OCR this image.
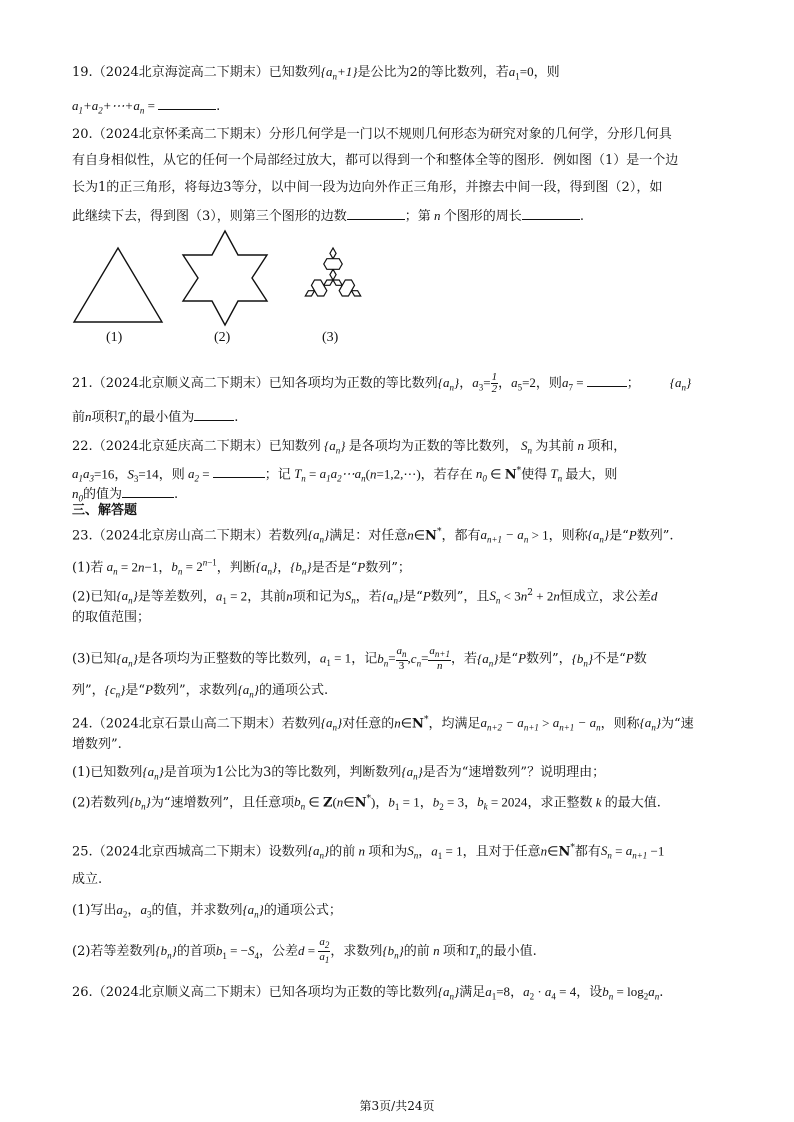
19.（2024北京海淀高二下期末）已知数列$\{a_n+1\}$是公比为2的等比数列，若$a_1=0$，则
$a_1+a_2+\cdots+a_n$ =	.
20.（2024北京怀柔高二下期末）分形几何学是一门以不规则几何形态为研究对象的几何学，分形几何具
有自身相似性，从它的任何一个局部经过放大，都可以得到一个和整体全等的图形．例如图（1）是一个边
长为1的正三角形，将每边3等分，以中间一段为边向外作正三角形，并擦去中间一段，得到图（2），如
此继续下去，得到图（3），则第三个图形的边数	；第 n 个图形的周长	.
(1)	(2)	(3)
21.（2024北京顺义高二下期末）已知各项均为正数的等比数列$\{a_n\}$，$a_3= \frac{1}{2}$ ，$a_5=2$，则$a_7$ =	； $\{a_n\}$
前n项积$T_n$的最小值为	.
22.（2024北京延庆高二下期末）已知数列 $\{a_n\}$ 是各项均为正数的等比数列， $S_n$ 为其前 n 项和，
$a_1a_3=16$，$S_3=14$，则 $a_2$ =	；记 $T_n$ = $a_1a_2\cdots a_n(n=1,2,\cdots)$，若存在 $n_0$ ∈ N*使得 $T_n$ 最大，则
$n_0$的值为	.
三、解答题
23.（2024北京房山高二下期末）若数列$\{a_n\}$满足：对任意n∈N*，都有$a_{n+1} - a_n > 1$，则称$\{a_n\}$是“P数列”.
(1)若 $a_n = 2n-1$，$b_n = 2^{n-1}$，判断$\{a_n\}$，$\{b_n\}$是否是“P数列”；
(2)已知$\{a_n\}$是等差数列，$a_1 = 2$，其前n项和记为$S_n$，若$\{a_n\}$是“P数列”，且$S_n < 3n^2 + 2n$恒成立，求公差d
的取值范围；
(3)已知$\{a_n\}$是各项均为正整数的等比数列，$a_1 = 1$，记$b_n= \frac{a_n}{3} ,c_n= \frac{a_{n+1}}{n}$ ，若$\{a_n\}$是“P数列”，$\{b_n\}$不是“P数
列”，$\{c_n\}$是“P数列”，求数列$\{a_n\}$的通项公式.
24.（2024北京石景山高二下期末）若数列$\{a_n\}$对任意的n∈N*，均满足$a_{n+2} - a_{n+1} > a_{n+1} - a_n$，则称$\{a_n\}$为“速
增数列”.
(1)已知数列$\{a_n\}$是首项为1公比为3的等比数列，判断数列$\{a_n\}$是否为“速增数列”？说明理由；
(2)若数列$\{b_n\}$为“速增数列”，且任意项$b_n$ ∈ Z(n∈N*)，$b_1 = 1$，$b_2 = 3$，$b_k = 2024$，求正整数 k 的最大值.
25.（2024北京西城高二下期末）设数列$\{a_n\}$的前 n 项和为$S_n$，$a_1 = 1$，且对于任意n∈N*都有$S_n = a_{n+1} -1$
成立.
(1)写出$a_2$，$a_3$的值，并求数列$\{a_n\}$的通项公式；
(2)若等差数列$\{b_n\}$的首项$b_1 = -S_4$，公差$d = \frac{a_2}{a_1}$ ，求数列$\{b_n\}$的前 n 项和$T_n$的最小值.
26.（2024北京顺义高二下期末）已知各项均为正数的等比数列$\{a_n\}$满足$a_1=8$，$a_2 \cdot a_4 = 4$，设$b_n = \log_2a_n$.
第3页/共24页
